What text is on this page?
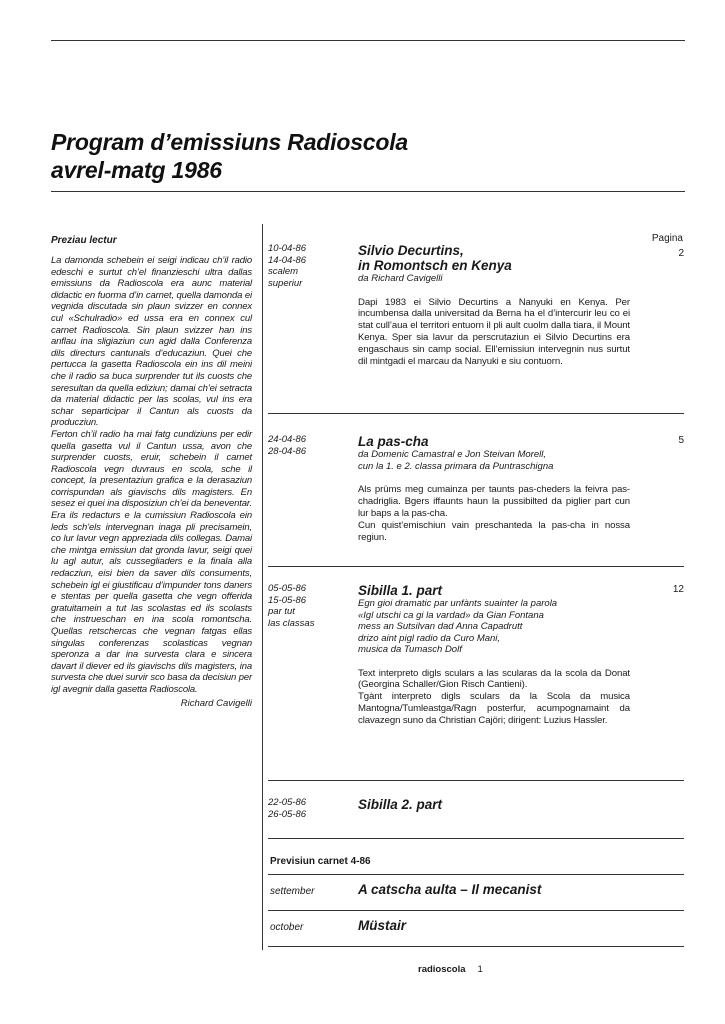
Program d’emissiuns Radioscola
avrel-matg 1986
Preziau lectur

La damonda schebein ei seigi indicau ch’il radio edeschi e surtut ch’el finanzieschi ultra dallas emissiuns da Radioscola era aunc material didactic en fuorma d’in carnet, quella damonda ei vegnida discutada sin plaun svizzer en connex cul «Schulradio» ed ussa era en connex cul carnet Radioscola. Sin plaun svizzer han ins anflau ina sligiaziun cun agid dalla Conferenza dils directurs cantunals d’educaziun. Quei che pertucca la gasetta Radioscola ein ins dil meini che il radio sa buca surprender tut ils cuosts che seresultan da quella ediziun; damai ch’ei setracta da material didactic per las scolas, vul ins era schar separticipar il Cantun als cuosts da producziun.

Ferton ch’il radio ha mai fatg cundiziuns per edir quella gasetta vul il Cantun ussa, avon che surprender cuosts, eruir, schebein il carnet Radioscola vegn duvraus en scola, sche il concept, la presentaziun grafica e la derasaziun corrispundan als giavischs dils magisters. En sesez ei quei ina disposiziun ch’ei da beneventar. Era ils redacturs e la cumissiun Radioscola ein leds sch’els intervegnan inaga pli precisamein, co lur lavur vegn appreziada dils collegas. Damai che mintga emissiun dat gronda lavur, seigi quei lu agl autur, als cussegliaders e la finala alla redacziun, eisi bien da saver dils consuments, schebein igl ei giustificau d’impunder tons daners e stentas per quella gasetta che vegn offerida gratuitamein a tut las scolastas ed ils scolasts che instrueschan en ina scola romontscha. Quellas retschercas che vegnan fatgas ellas singulas conferenzas scolasticas vegnan speronza a dar ina survesta clara e sincera davart il diever ed ils giavischs dils magisters, ina survesta che duei survir sco basa da decisiun per igl avegnir dalla gasetta Radioscola.

Richard Cavigelli
Pagina
10-04-86
14-04-86
scalem
superiur
Silvio Decurtins,
in Romontsch en Kenya
da Richard Cavigelli

Dapi 1983 ei Silvio Decurtins a Nanyuki en Kenya. Per incumbensa dalla universitad da Berna ha el d’intercurir leu co ei stat cull’aua el territori entuorn il pli ault cuolm dalla tiara, il Mount Kenya. Sper sia lavur da perscrutaziun ei Silvio Decurtins era engaschaus sin camp social. Ell’emissiun intervegnin nus surtut dil mintgadi el marcau da Nanyuki e siu contuorn.

2
24-04-86
28-04-86
La pas-cha
da Domenic Camastral e Jon Steivan Morell,
cun la 1. e 2. classa primara da Puntraschigna

Als prüms meg cumainza per taunts pas-cheders la feivra pas-chadriglia. Bgers iffaunts haun la pussibilted da piglier part cun lur baps a la pas-cha.

Cun quist’emischiun vain preschanteda la pas-cha in nossa regiun.

5
05-05-86
15-05-86
par tut
las classas
Sibilla 1. part
Egn gioi dramatic par unfànts suainter la parola
«Igl utschi ca gi la vardad» da Gian Fontana
mess an Sutsilvan dad Anna Capadrutt
drizo aint pigl radio da Curo Mani,
musica da Tumasch Dolf

Text interpreto digls sculars a las scularas da la scola da Donat (Georgina Schaller/Gion Risch Cantieni).

Tgànt interpreto digls sculars da la Scola da musica Mantogna/Tumleastga/Ragn posterfur, acumpognamaint da clavazegn suno da Christian Cajöri; dirigent: Luzius Hassler.

12
22-05-86
26-05-86
Sibilla 2. part
Previsiun carnet 4-86
settember	A catscha aulta – Il mecanist
october	Müstair
radioscola 1
